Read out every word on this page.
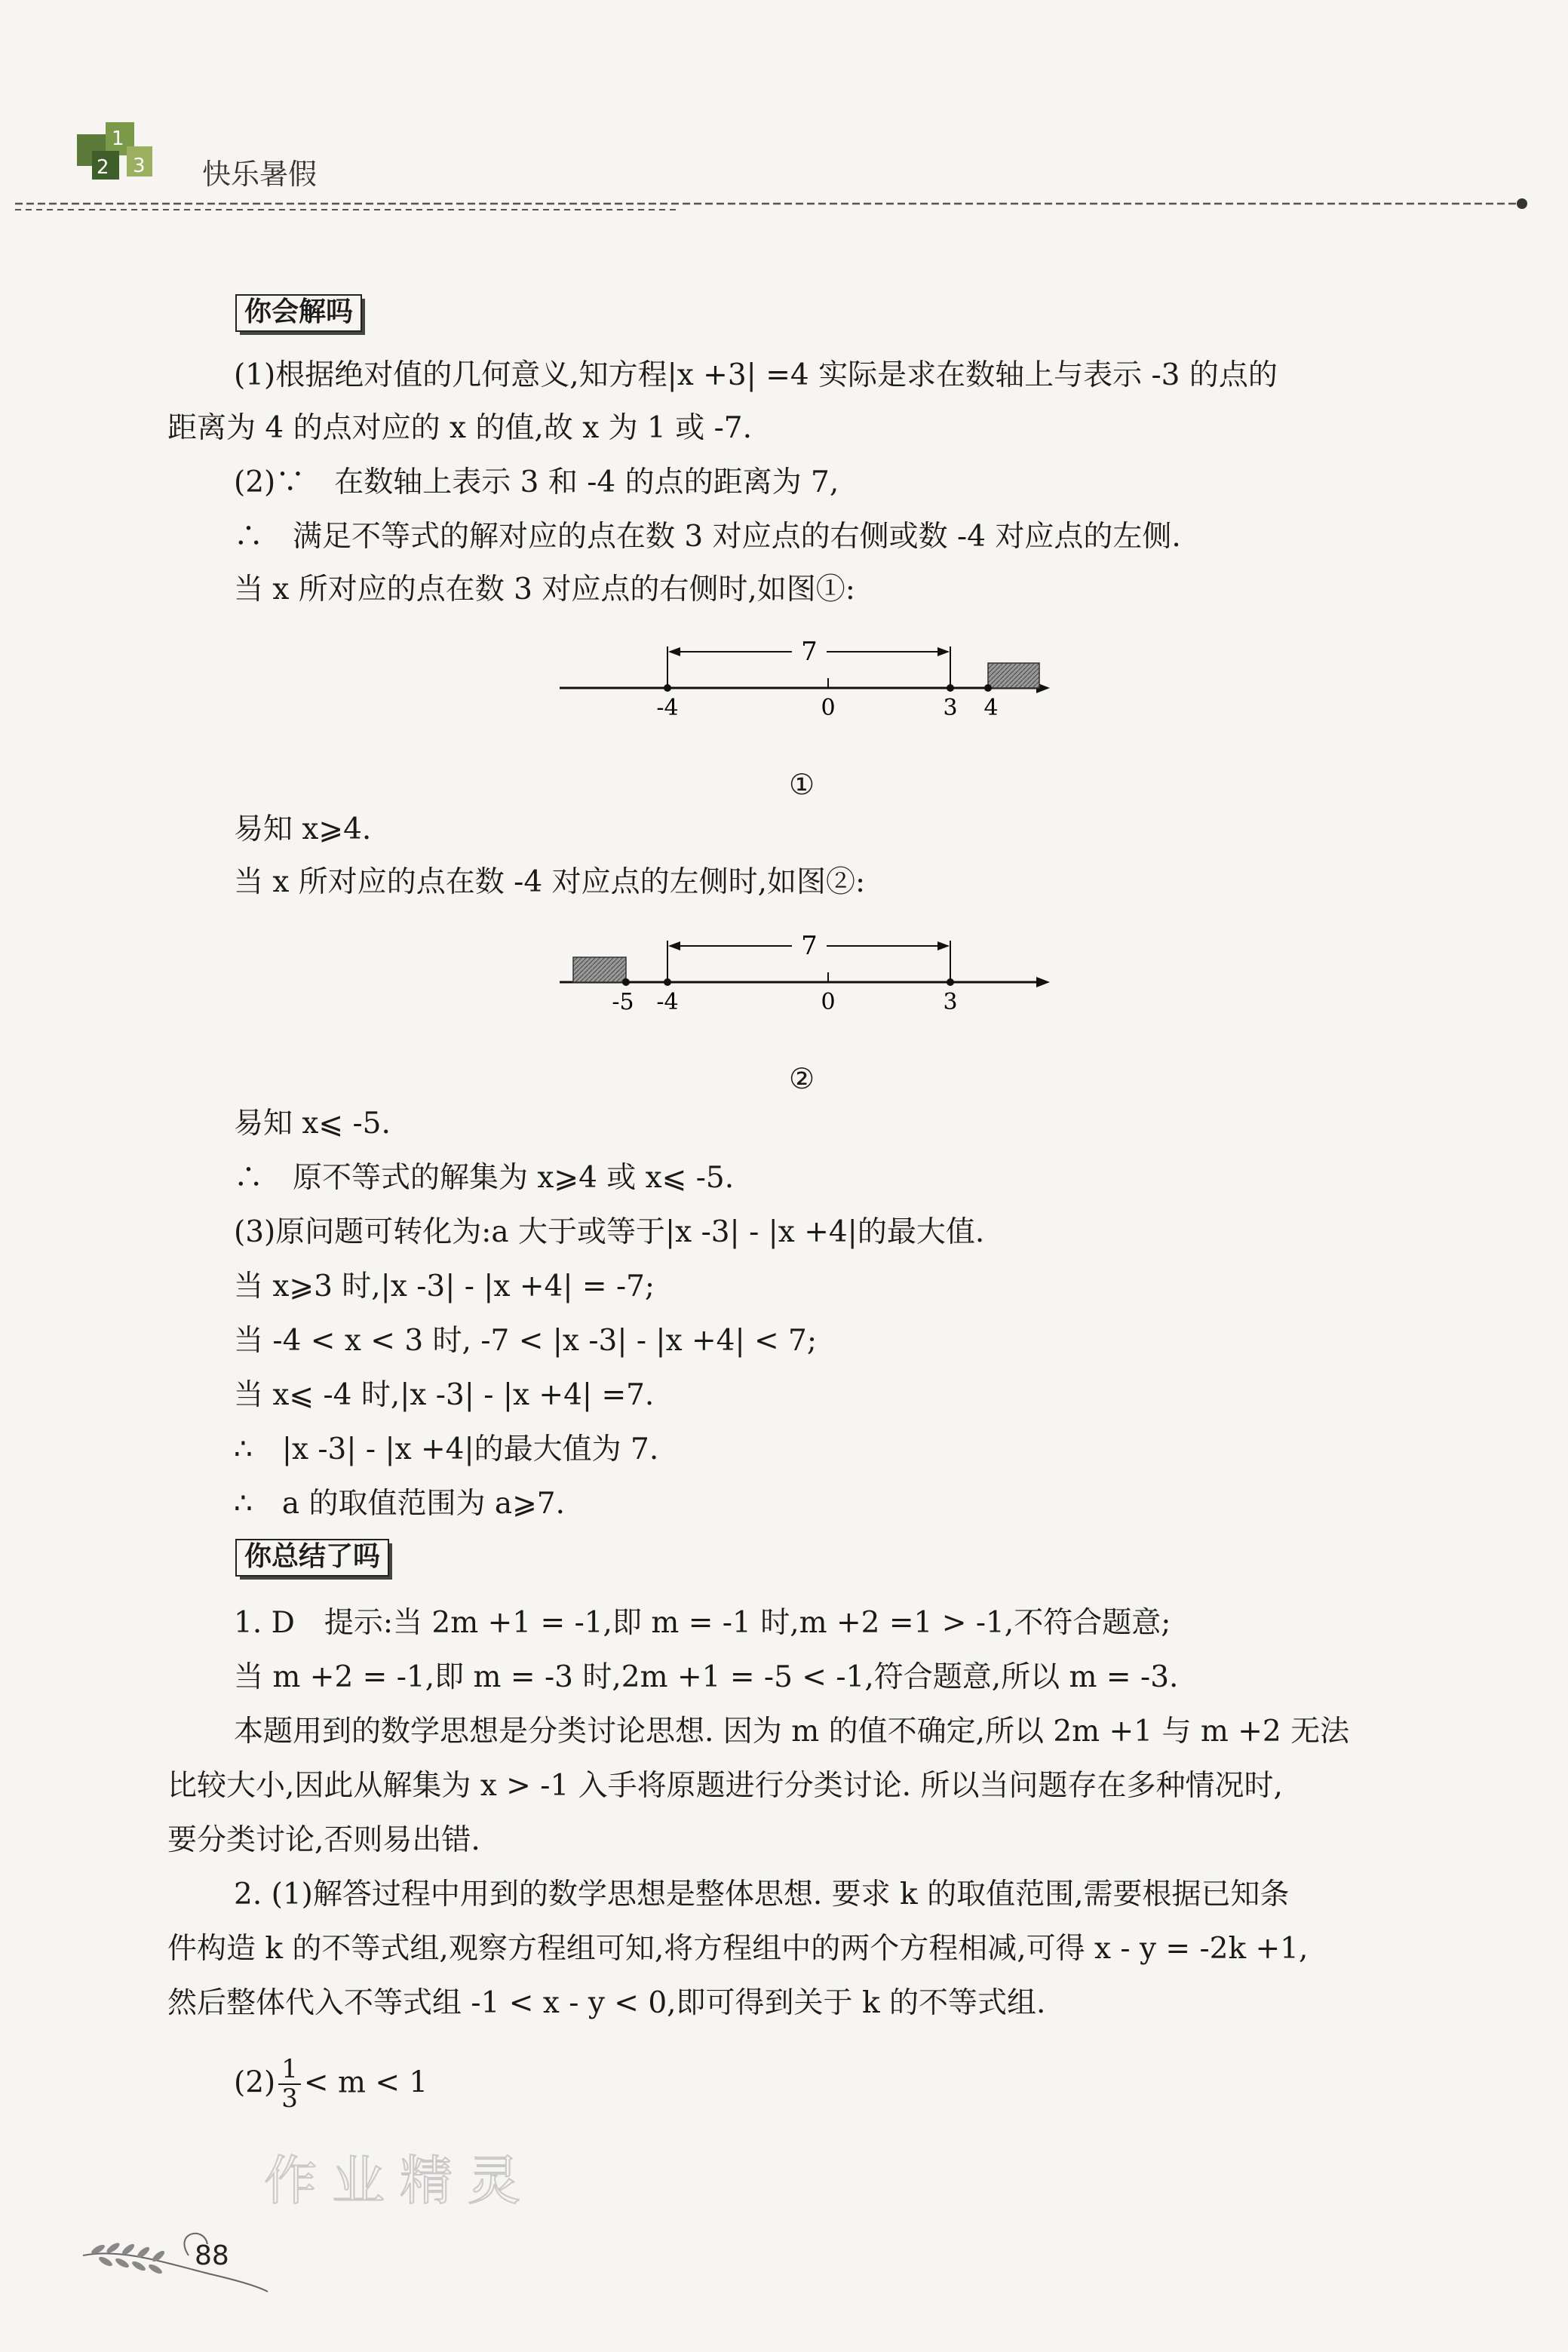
1
2 3 快乐暑假
你会解吗
(1)根据绝对值的几何意义,知方程|x +3| =4 实际是求在数轴上与表示 -3 的点的
距离为 4 的点对应的 x 的值,故 x 为 1 或 -7.
(2)∵　在数轴上表示 3 和 -4 的点的距离为 7,
∴　满足不等式的解对应的点在数 3 对应点的右侧或数 -4 对应点的左侧.
当 x 所对应的点在数 3 对应点的右侧时,如图①:
7
-4	0	3 4
①
易知 x⩾4.
当 x 所对应的点在数 -4 对应点的左侧时,如图②:
7
-5 -4	0	3
②
易知 x⩽ -5.
∴　原不等式的解集为 x⩾4 或 x⩽ -5.
(3)原问题可转化为:a 大于或等于|x -3| - |x +4|的最大值.
当 x⩾3 时,|x -3| - |x +4| = -7;
当 -4 < x < 3 时, -7 < |x -3| - |x +4| < 7;
当 x⩽ -4 时,|x -3| - |x +4| =7.
∴　|x -3| - |x +4|的最大值为 7.
∴　a 的取值范围为 a⩾7.
你总结了吗
1. D　提示:当 2m +1 = -1,即 m = -1 时,m +2 =1 > -1,不符合题意;
当 m +2 = -1,即 m = -3 时,2m +1 = -5 < -1,符合题意,所以 m = -3.
本题用到的数学思想是分类讨论思想. 因为 m 的值不确定,所以 2m +1 与 m +2 无法
比较大小,因此从解集为 x > -1 入手将原题进行分类讨论. 所以当问题存在多种情况时,
要分类讨论,否则易出错.
2. (1)解答过程中用到的数学思想是整体思想. 要求 k 的取值范围,需要根据已知条
件构造 k 的不等式组,观察方程组可知,将方程组中的两个方程相减,可得 x - y = -2k +1,
然后整体代入不等式组 -1 < x - y < 0,即可得到关于 k 的不等式组.
$(2) \frac{1}{3} < m < 1$
作业精灵
88
